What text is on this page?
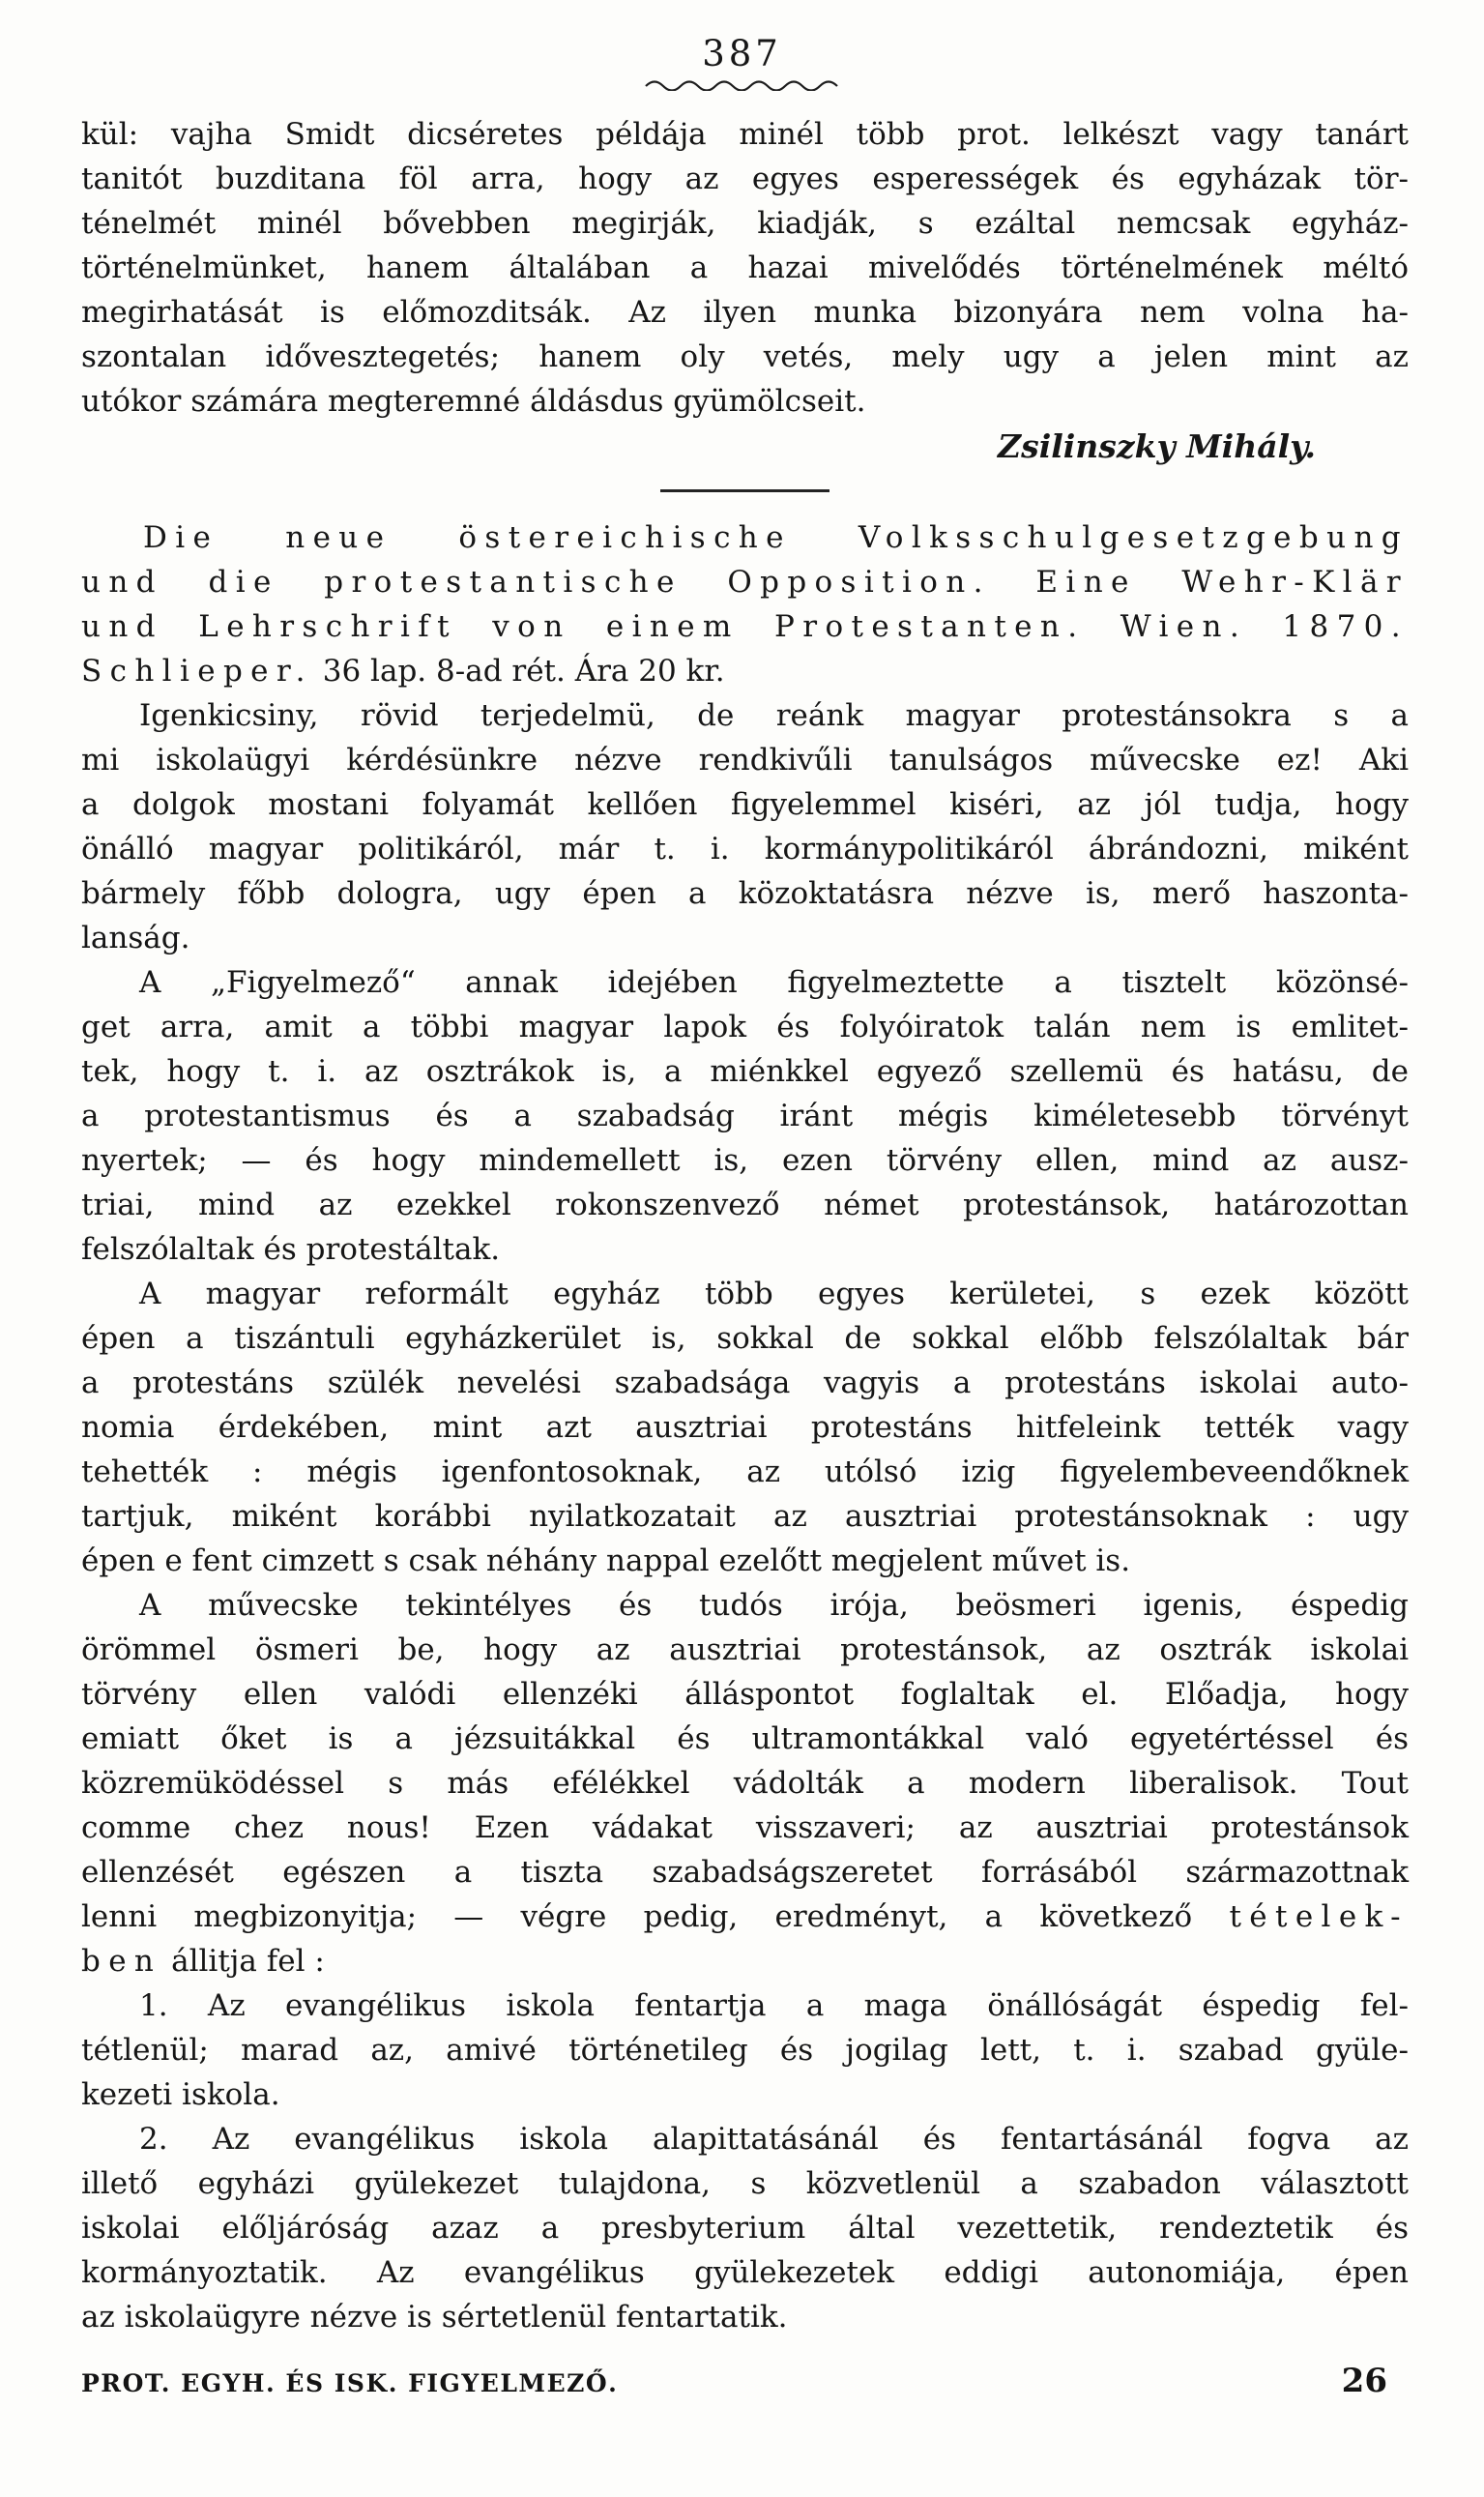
387
kül: vajha Smidt dicséretes példája minél több prot. lelkészt vagy tanárt
tanitót buzditana föl arra, hogy az egyes esperességek és egyházak tör-
ténelmét minél bővebben megirják, kiadják, s ezáltal nemcsak egyház-
történelmünket, hanem általában a hazai mivelődés történelmének méltó
megirhatását is előmozditsák. Az ilyen munka bizonyára nem volna ha-
szontalan idővesztegetés; hanem oly vetés, mely ugy a jelen mint az
utókor számára megteremné áldásdus gyümölcseit.
Zsilinszky Mihály.
Die neue östereichische Volksschulgesetzgebung
und die protestantische Opposition. Eine Wehr-Klär
und Lehrschrift von einem Protestanten. Wien. 1870.
Schlieper. 36 lap. 8-ad rét. Ára 20 kr.
Igenkicsiny, rövid terjedelmü, de reánk magyar protestánsokra s a
mi iskolaügyi kérdésünkre nézve rendkivűli tanulságos művecske ez! Aki
a dolgok mostani folyamát kellően figyelemmel kiséri, az jól tudja, hogy
önálló magyar politikáról, már t. i. kormánypolitikáról ábrándozni, miként
bármely főbb dologra, ugy épen a közoktatásra nézve is, merő haszonta-
lanság.
A „Figyelmező“ annak idejében figyelmeztette a tisztelt közönsé-
get arra, amit a többi magyar lapok és folyóiratok talán nem is emlitet-
tek, hogy t. i. az osztrákok is, a miénkkel egyező szellemü és hatásu, de
a protestantismus és a szabadság iránt mégis kiméletesebb törvényt
nyertek; — és hogy mindemellett is, ezen törvény ellen, mind az ausz-
triai, mind az ezekkel rokonszenvező német protestánsok, határozottan
felszólaltak és protestáltak.
A magyar reformált egyház több egyes kerületei, s ezek között
épen a tiszántuli egyházkerület is, sokkal de sokkal előbb felszólaltak bár
a protestáns szülék nevelési szabadsága vagyis a protestáns iskolai auto-
nomia érdekében, mint azt ausztriai protestáns hitfeleink tették vagy
tehették : mégis igenfontosoknak, az utólsó izig figyelembeveendőknek
tartjuk, miként korábbi nyilatkozatait az ausztriai protestánsoknak : ugy
épen e fent cimzett s csak néhány nappal ezelőtt megjelent művet is.
A művecske tekintélyes és tudós irója, beösmeri igenis, éspedig
örömmel ösmeri be, hogy az ausztriai protestánsok, az osztrák iskolai
törvény ellen valódi ellenzéki álláspontot foglaltak el. Előadja, hogy
emiatt őket is a jézsuitákkal és ultramontákkal való egyetértéssel és
közremüködéssel s más efélékkel vádolták a modern liberalisok. Tout
comme chez nous! Ezen vádakat visszaveri; az ausztriai protestánsok
ellenzését egészen a tiszta szabadságszeretet forrásából származottnak
lenni megbizonyitja; — végre pedig, eredményt, a következő tételek-
ben állitja fel :
1. Az evangélikus iskola fentartja a maga önállóságát éspedig fel-
tétlenül; marad az, amivé történetileg és jogilag lett, t. i. szabad gyüle-
kezeti iskola.
2. Az evangélikus iskola alapittatásánál és fentartásánál fogva az
illető egyházi gyülekezet tulajdona, s közvetlenül a szabadon választott
iskolai előljáróság azaz a presbyterium által vezettetik, rendeztetik és
kormányoztatik. Az evangélikus gyülekezetek eddigi autonomiája, épen
az iskolaügyre nézve is sértetlenül fentartatik.
PROT. EGYH. ÉS ISK. FIGYELMEZŐ.	26
